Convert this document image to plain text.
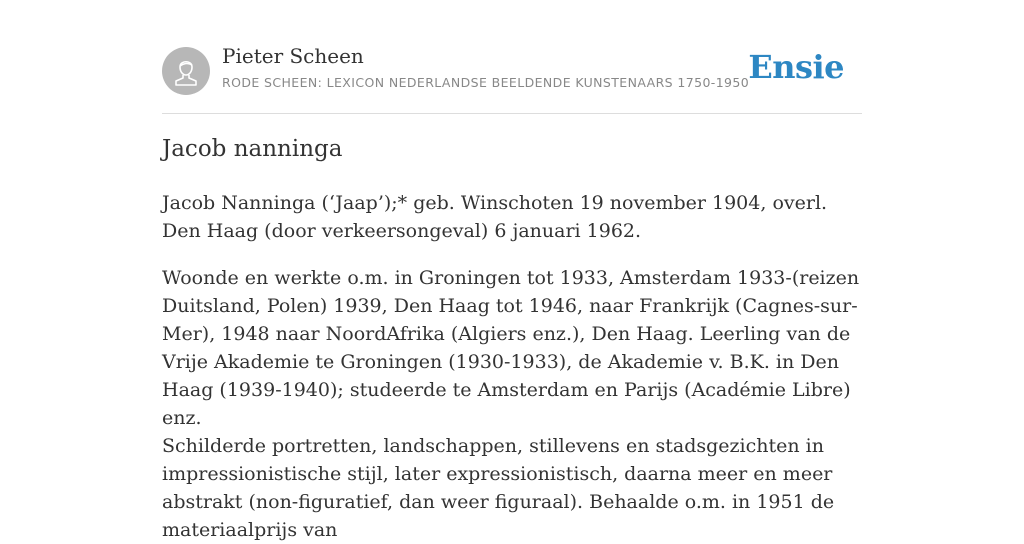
Pieter Scheen
RODE SCHEEN: LEXICON NEDERLANDSE BEELDENDE KUNSTENAARS 1750-1950 Ensie
Jacob nanninga

Jacob Nanninga (‘Jaap’);* geb. Winschoten 19 november 1904, overl. Den Haag (door verkeersongeval) 6 januari 1962.

Woonde en werkte o.m. in Groningen tot 1933, Amsterdam 1933-(reizen Duitsland, Polen) 1939, Den Haag tot 1946, naar Frankrijk (Cagnes-sur-Mer), 1948 naar NoordAfrika (Algiers enz.), Den Haag. Leerling van de Vrije Akademie te Groningen (1930-1933), de Akademie v. B.K. in Den Haag (1939-1940); studeerde te Amsterdam en Parijs (Académie Libre) enz.

Schilderde portretten, landschappen, stillevens en stadsgezichten in impressionistische stijl, later expressionistisch, daarna meer en meer abstrakt (non-figuratief, dan weer figuraal). Behaalde o.m. in 1951 de materiaalprijs van
